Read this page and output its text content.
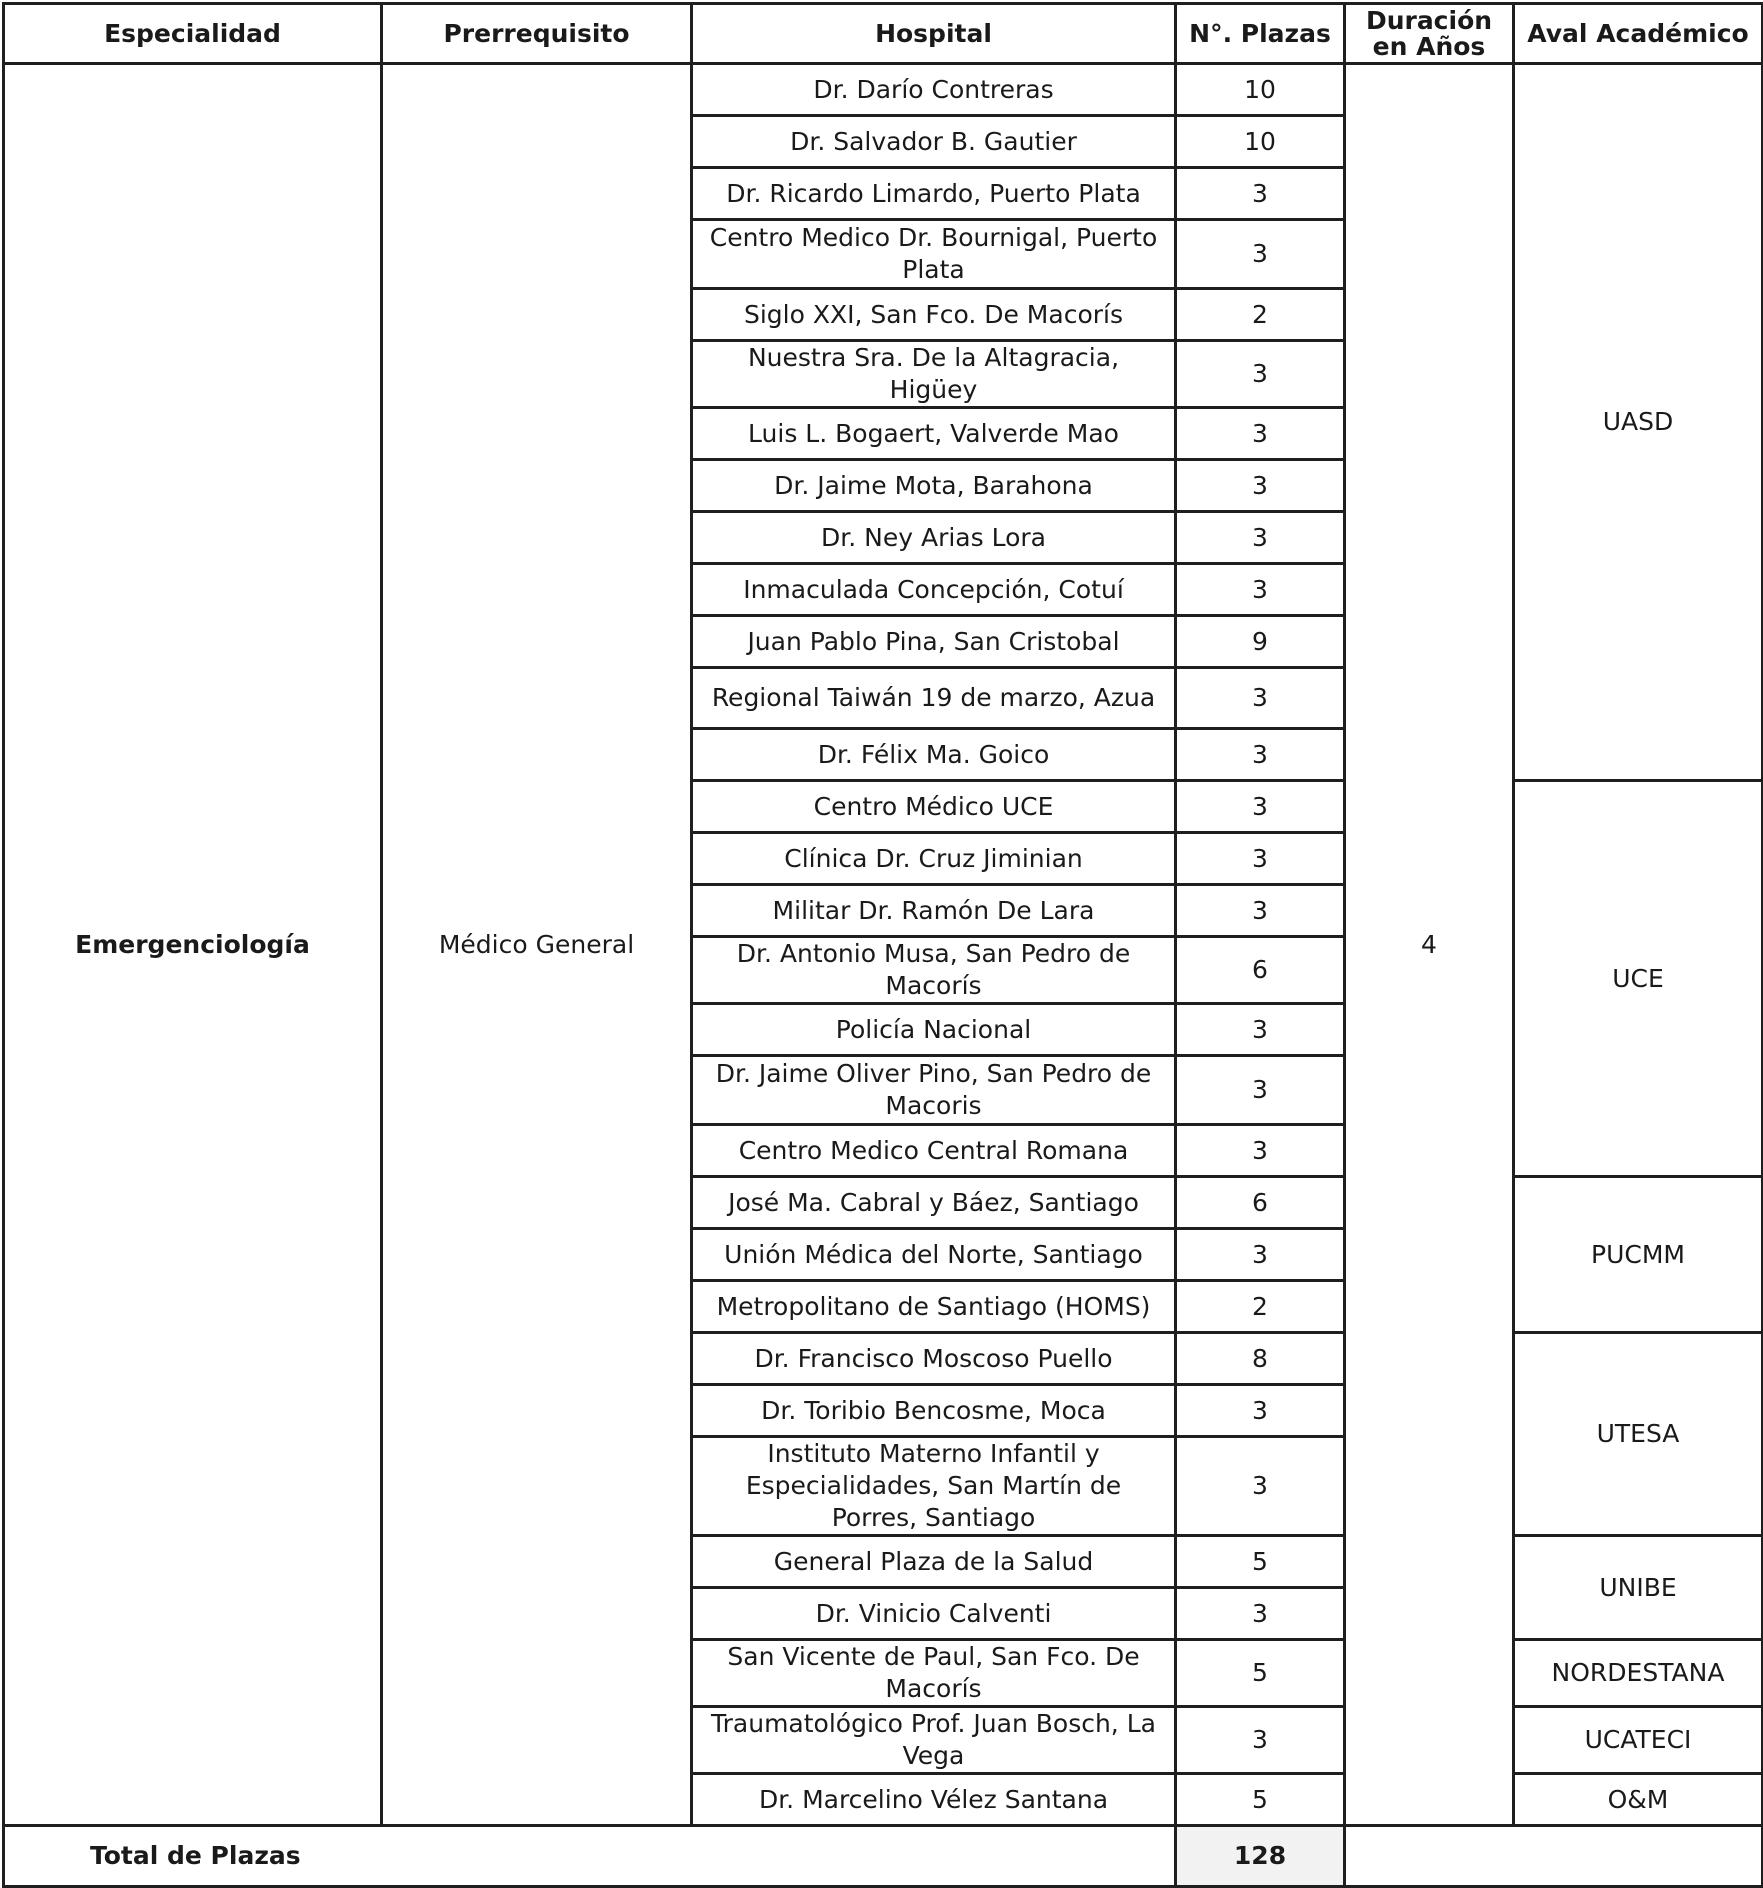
Especialidad	Prerrequisito	Hospital	N°. Plazas	Duración en Años	Aval Académico
Emergenciología	Médico General	Dr. Darío Contreras	10	4	UASD
		Dr. Salvador B. Gautier	10		
		Dr. Ricardo Limardo, Puerto Plata	3		
		Centro Medico Dr. Bournigal, Puerto Plata	3		
		Siglo XXI, San Fco. De Macorís	2		
		Nuestra Sra. De la Altagracia, Higüey	3		
		Luis L. Bogaert, Valverde Mao	3		
		Dr. Jaime Mota, Barahona	3		
		Dr. Ney Arias Lora	3		
		Inmaculada Concepción, Cotuí	3		
		Juan Pablo Pina, San Cristobal	9		
		Regional Taiwán 19 de marzo, Azua	3		
		Dr. Félix Ma. Goico	3		
		Centro Médico UCE	3		UCE
		Clínica Dr. Cruz Jiminian	3		
		Militar Dr. Ramón De Lara	3		
		Dr. Antonio Musa, San Pedro de Macorís	6		
		Policía Nacional	3		
		Dr. Jaime Oliver Pino, San Pedro de Macoris	3		
		Centro Medico Central Romana	3		
		José Ma. Cabral y Báez, Santiago	6		PUCMM
		Unión Médica del Norte, Santiago	3		
		Metropolitano de Santiago (HOMS)	2		
		Dr. Francisco Moscoso Puello	8		UTESA
		Dr. Toribio Bencosme, Moca	3		
		Instituto Materno Infantil y Especialidades, San Martín de Porres, Santiago	3		
		General Plaza de la Salud	5		UNIBE
		Dr. Vinicio Calventi	3		
		San Vicente de Paul, San Fco. De Macorís	5		NORDESTANA
		Traumatológico Prof. Juan Bosch, La Vega	3		UCATECI
		Dr. Marcelino Vélez Santana	5		O&M
Total de Plazas			128		
